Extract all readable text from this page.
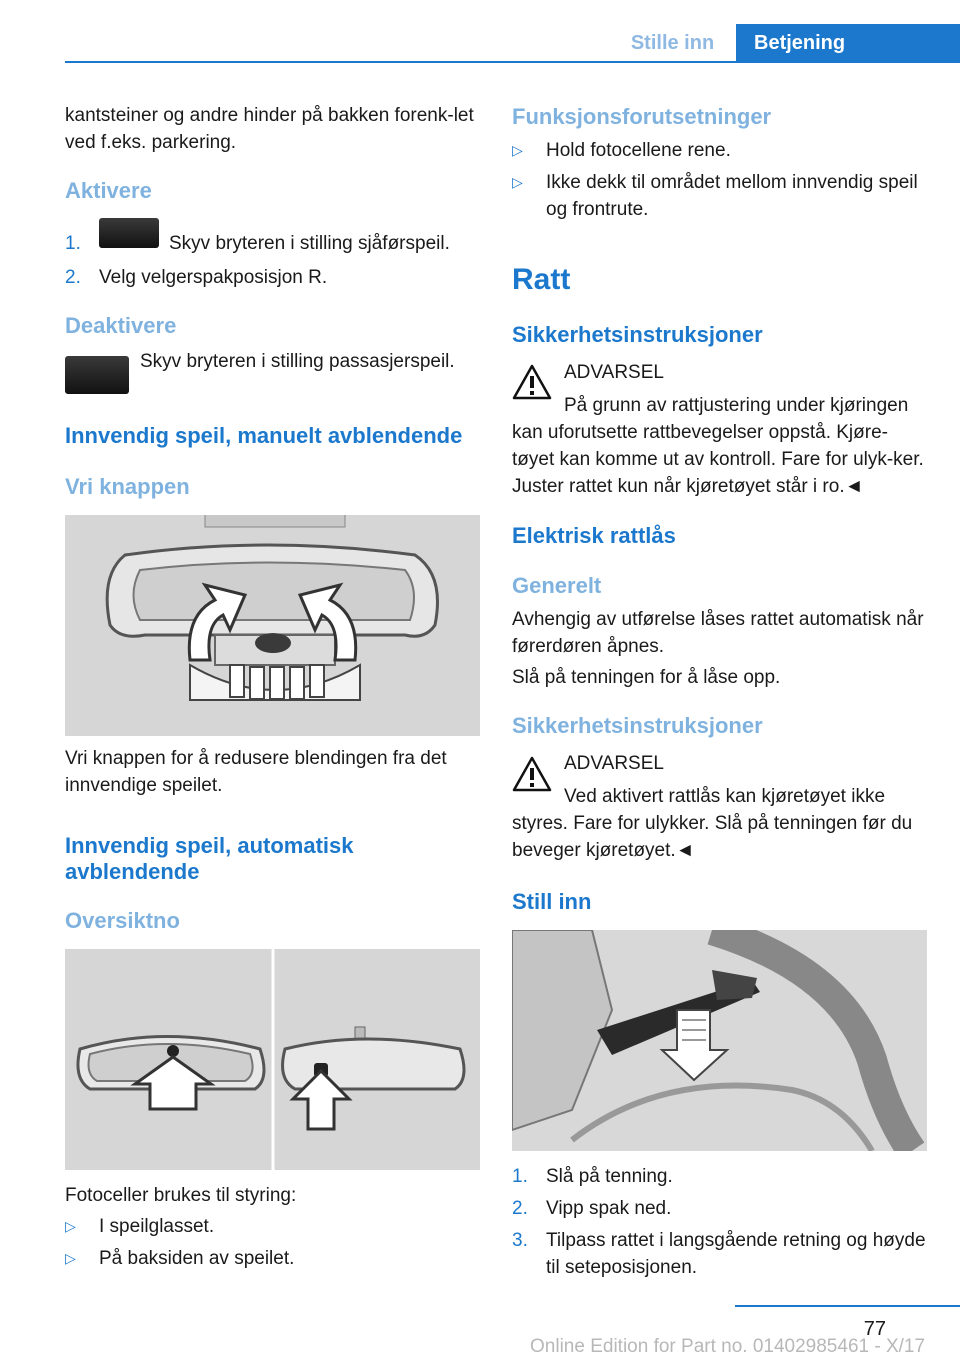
Stille inn	Betjening
kantsteiner og andre hinder på bakken forenk‐let ved f.eks. parkering.
Aktivere
1.	Skyv bryteren i stilling sjåførspeil.
2. Velg velgerspakposisjon R.
Deaktivere
Skyv bryteren i stilling passasjerspeil.
Innvendig speil, manuelt avblendende
Vri knappen
Vri knappen for å redusere blendingen fra det innvendige speilet.
Innvendig speil, automatisk avblendende
Oversiktno
Fotoceller brukes til styring:
▷	I speilglasset.
▷	På baksiden av speilet.
Funksjonsforutsetninger
▷	Hold fotocellene rene.
▷	Ikke dekk til området mellom innvendig speil og frontrute.
Ratt
Sikkerhetsinstruksjoner
ADVARSEL
På grunn av rattjustering under kjøringen kan uforutsette rattbevegelser oppstå. Kjøre‐tøyet kan komme ut av kontroll. Fare for ulyk‐ker. Juster rattet kun når kjøretøyet står i ro.◄
Elektrisk rattlås
Generelt
Avhengig av utførelse låses rattet automatisk når førerdøren åpnes.
Slå på tenningen for å låse opp.
Sikkerhetsinstruksjoner
ADVARSEL
Ved aktivert rattlås kan kjøretøyet ikke styres. Fare for ulykker. Slå på tenningen før du beveger kjøretøyet.◄
Still inn
1. Slå på tenning.
2. Vipp spak ned.
3. Tilpass rattet i langsgående retning og høyde til seteposisjonen.
77
Online Edition for Part no. 01402985461 - X/17
